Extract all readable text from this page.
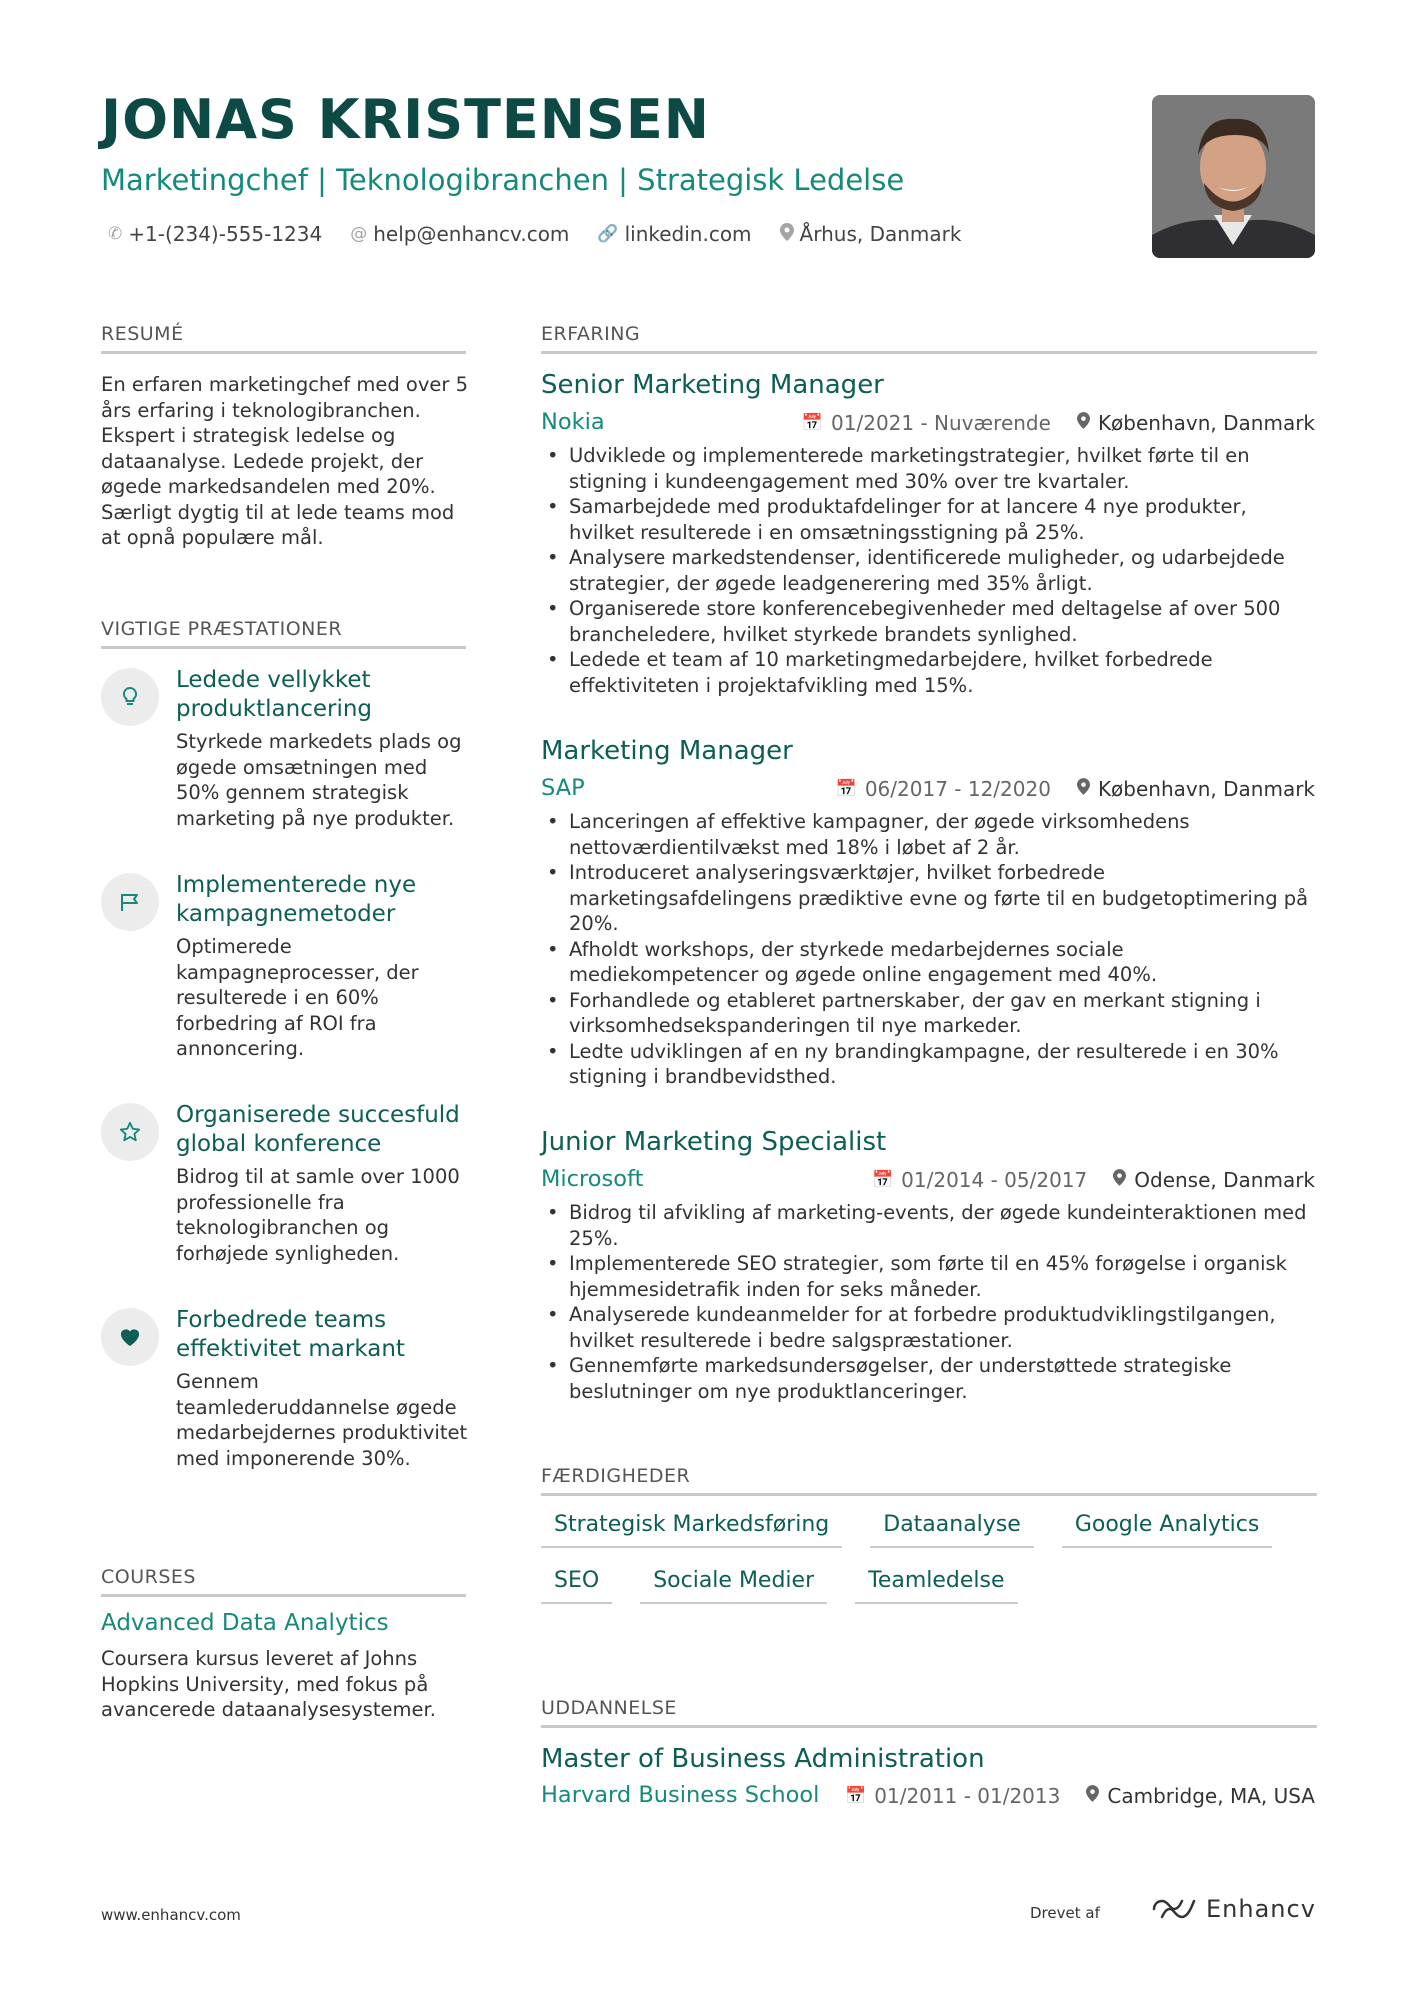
JONAS KRISTENSEN
Marketingchef | Teknologibranchen | Strategisk Ledelse
✆ +1-(234)-555-1234 @ help@enhancv.com 🔗 linkedin.com Århus, Danmark
RESUMÉ
En erfaren marketingchef med over 5 års erfaring i teknologibranchen. Ekspert i strategisk ledelse og dataanalyse. Ledede projekt, der øgede markedsandelen med 20%. Særligt dygtig til at lede teams mod at opnå populære mål.
VIGTIGE PRÆSTATIONER
Ledede vellykket produktlancering
Styrkede markedets plads og øgede omsætningen med 50% gennem strategisk marketing på nye produkter.
Implementerede nye kampagnemetoder
Optimerede kampagneprocesser, der resulterede i en 60% forbedring af ROI fra annoncering.
Organiserede succesfuld global konference
Bidrog til at samle over 1000 professionelle fra teknologibranchen og forhøjede synligheden.
Forbedrede teams effektivitet markant
Gennem teamlederuddannelse øgede medarbejdernes produktivitet med imponerende 30%.
COURSES
Advanced Data Analytics
Coursera kursus leveret af Johns Hopkins University, med fokus på avancerede dataanalysesystemer.
ERFARING
Senior Marketing Manager
Nokia	📅 01/2021 - Nuværende København, Danmark
• Udviklede og implementerede marketingstrategier, hvilket førte til en stigning i kundeengagement med 30% over tre kvartaler.
• Samarbejdede med produktafdelinger for at lancere 4 nye produkter, hvilket resulterede i en omsætningsstigning på 25%.
• Analysere markedstendenser, identificerede muligheder, og udarbejdede strategier, der øgede leadgenerering med 35% årligt.
• Organiserede store konferencebegivenheder med deltagelse af over 500 brancheledere, hvilket styrkede brandets synlighed.
• Ledede et team af 10 marketingmedarbejdere, hvilket forbedrede effektiviteten i projektafvikling med 15%.
Marketing Manager
SAP	📅 06/2017 - 12/2020 København, Danmark
• Lanceringen af effektive kampagner, der øgede virksomhedens nettoværdientilvækst med 18% i løbet af 2 år.
• Introduceret analyseringsværktøjer, hvilket forbedrede marketingsafdelingens prædiktive evne og førte til en budgetoptimering på 20%.
• Afholdt workshops, der styrkede medarbejdernes sociale mediekompetencer og øgede online engagement med 40%.
• Forhandlede og etableret partnerskaber, der gav en merkant stigning i virksomhedsekspanderingen til nye markeder.
• Ledte udviklingen af en ny brandingkampagne, der resulterede i en 30% stigning i brandbevidsthed.
Junior Marketing Specialist
Microsoft	📅 01/2014 - 05/2017 Odense, Danmark
• Bidrog til afvikling af marketing-events, der øgede kundeinteraktionen med 25%.
• Implementerede SEO strategier, som førte til en 45% forøgelse i organisk hjemmesidetrafik inden for seks måneder.
• Analyserede kundeanmelder for at forbedre produktudviklingstilgangen, hvilket resulterede i bedre salgspræstationer.
• Gennemførte markedsundersøgelser, der understøttede strategiske beslutninger om nye produktlanceringer.
FÆRDIGHEDER
Strategisk Markedsføring	Dataanalyse	Google Analytics
SEO	Sociale Medier	Teamledelse
UDDANNELSE
Master of Business Administration
Harvard Business School 📅 01/2011 - 01/2013 Cambridge, MA, USA
www.enhancv.com	Drevet af	Enhancv
